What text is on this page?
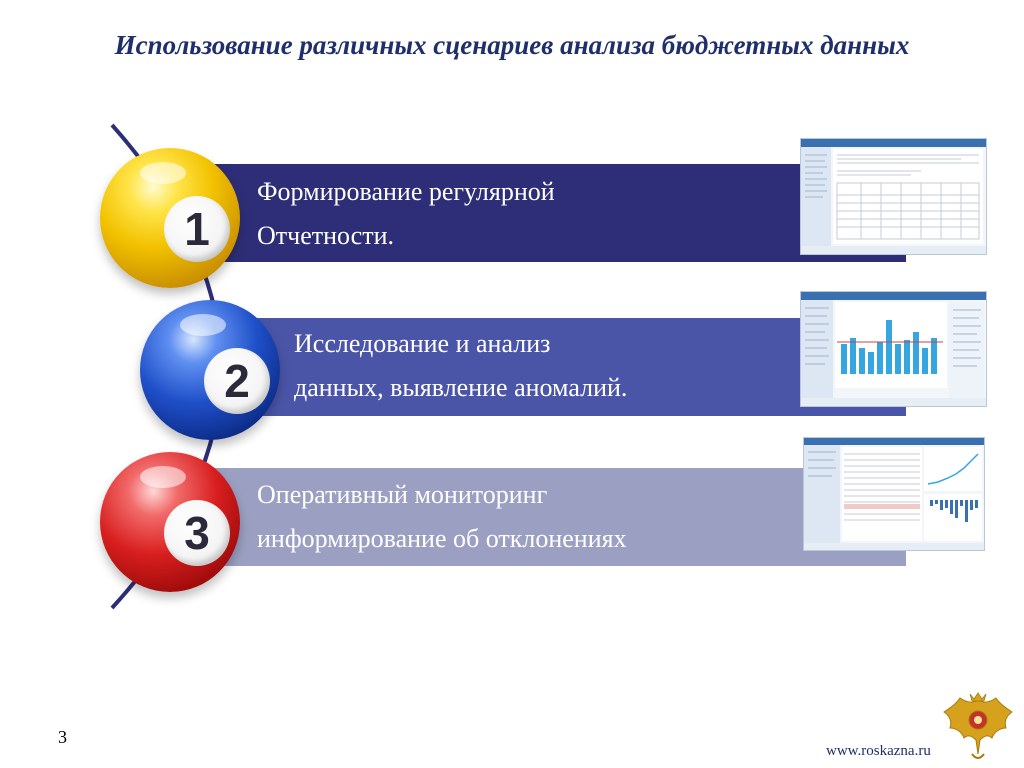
Использование различных сценариев анализа бюджетных данных
Формирование регулярной
Отчетности.
Исследование и анализ
данных, выявление аномалий.
Оперативный мониторинг
информирование об отклонениях
1
2
3
3
www.roskazna.ru
